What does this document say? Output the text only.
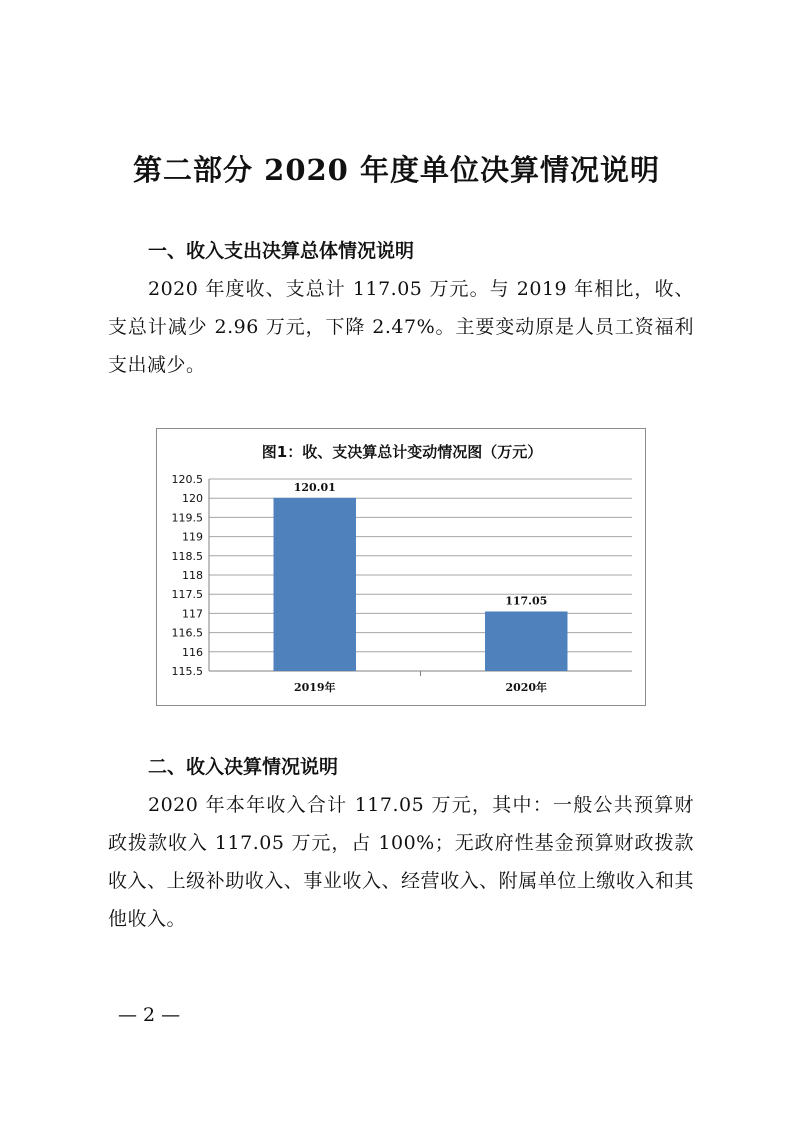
第二部分 2020 年度单位决算情况说明
一、收入支出决算总体情况说明

2020 年度收、支总计 117.05 万元。与 2019 年相比，收、支总计减少 2.96 万元，下降 2.47%。主要变动原是人员工资福利支出减少。

图1：收、支决算总计变动情况图（万元）
120.5
120
119.5
119
118.5
118
117.5
117
116.5
116
115.5
120.01
2019年
117.05
2020年
二、收入决算情况说明

2020 年本年收入合计 117.05 万元，其中：一般公共预算财政拨款收入 117.05 万元，占 100%；无政府性基金预算财政拨款收入、上级补助收入、事业收入、经营收入、附属单位上缴收入和其他收入。

— 2 —
